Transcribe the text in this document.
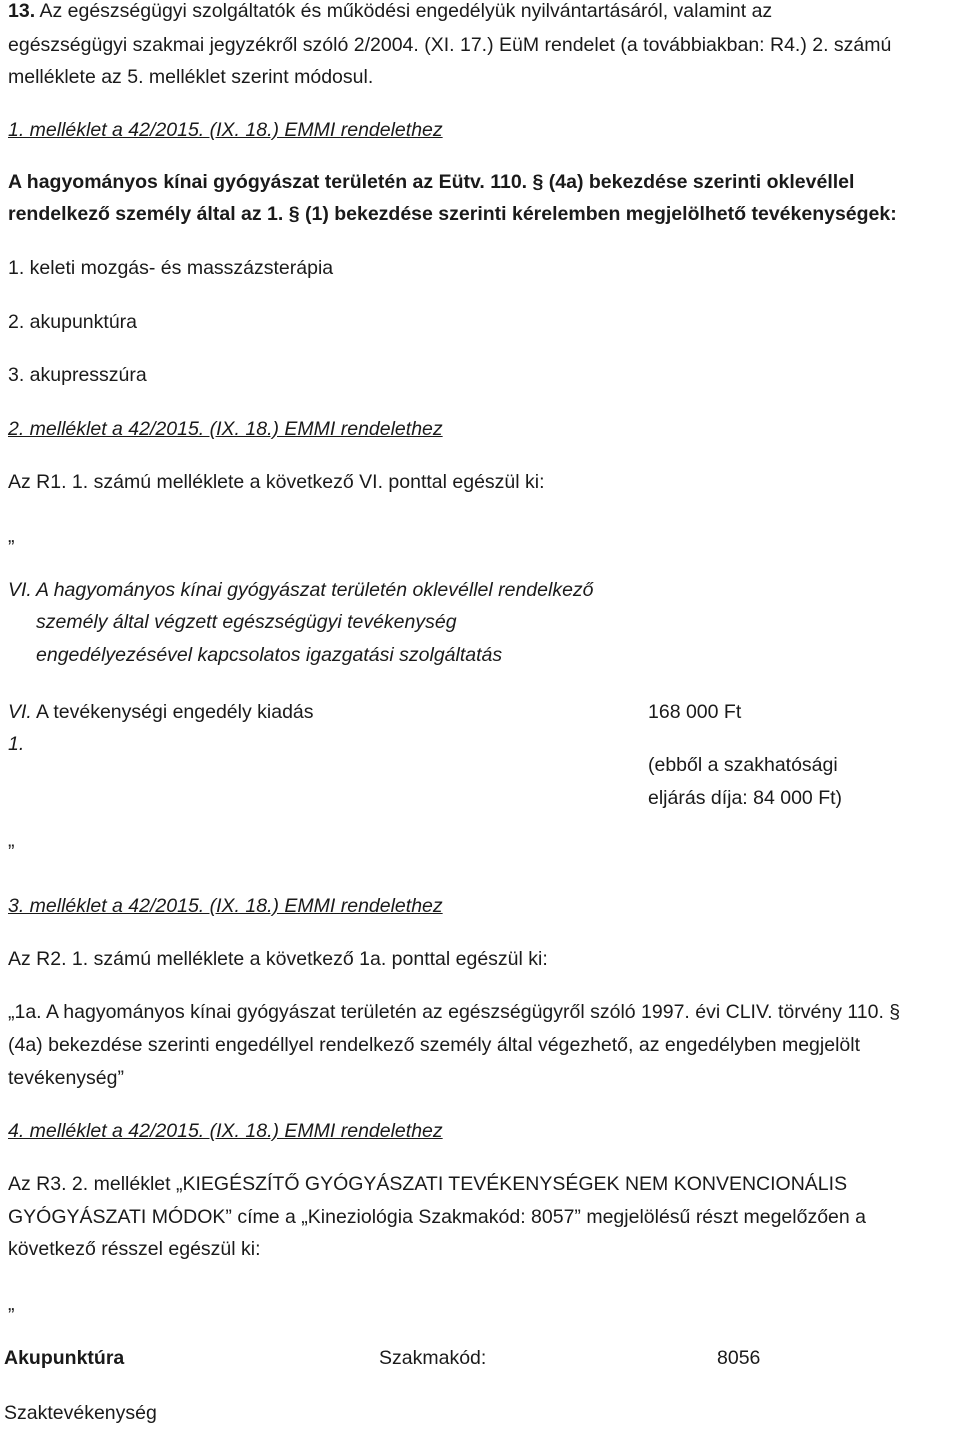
13. Az egészségügyi szolgáltatók és működési engedélyük nyilvántartásáról, valamint az
egészségügyi szakmai jegyzékről szóló 2/2004. (XI. 17.) EüM rendelet (a továbbiakban: R4.) 2. számú
melléklete az 5. melléklet szerint módosul.
1. melléklet a 42/2015. (IX. 18.) EMMI rendelethez
A hagyományos kínai gyógyászat területén az Eütv. 110. § (4a) bekezdése szerinti oklevéllel
rendelkező személy által az 1. § (1) bekezdése szerinti kérelemben megjelölhető tevékenységek:
1. keleti mozgás- és masszázsterápia
2. akupunktúra
3. akupresszúra
2. melléklet a 42/2015. (IX. 18.) EMMI rendelethez
Az R1. 1. számú melléklete a következő VI. ponttal egészül ki:
„
VI. A hagyományos kínai gyógyászat területén oklevéllel rendelkező
személy által végzett egészségügyi tevékenység
engedélyezésével kapcsolatos igazgatási szolgáltatás
VI.
1.
A tevékenységi engedély kiadás	168 000 Ft
(ebből a szakhatósági
eljárás díja: 84 000 Ft)
”
3. melléklet a 42/2015. (IX. 18.) EMMI rendelethez
Az R2. 1. számú melléklete a következő 1a. ponttal egészül ki:
„1a. A hagyományos kínai gyógyászat területén az egészségügyről szóló 1997. évi CLIV. törvény 110. §
(4a) bekezdése szerinti engedéllyel rendelkező személy által végezhető, az engedélyben megjelölt
tevékenység”
4. melléklet a 42/2015. (IX. 18.) EMMI rendelethez
Az R3. 2. melléklet „KIEGÉSZÍTŐ GYÓGYÁSZATI TEVÉKENYSÉGEK NEM KONVENCIONÁLIS
GYÓGYÁSZATI MÓDOK” címe a „Kineziológia Szakmakód: 8057” megjelölésű részt megelőzően a
következő résszel egészül ki:
„
Akupunktúra	Szakmakód:	8056
Szaktevékenység
